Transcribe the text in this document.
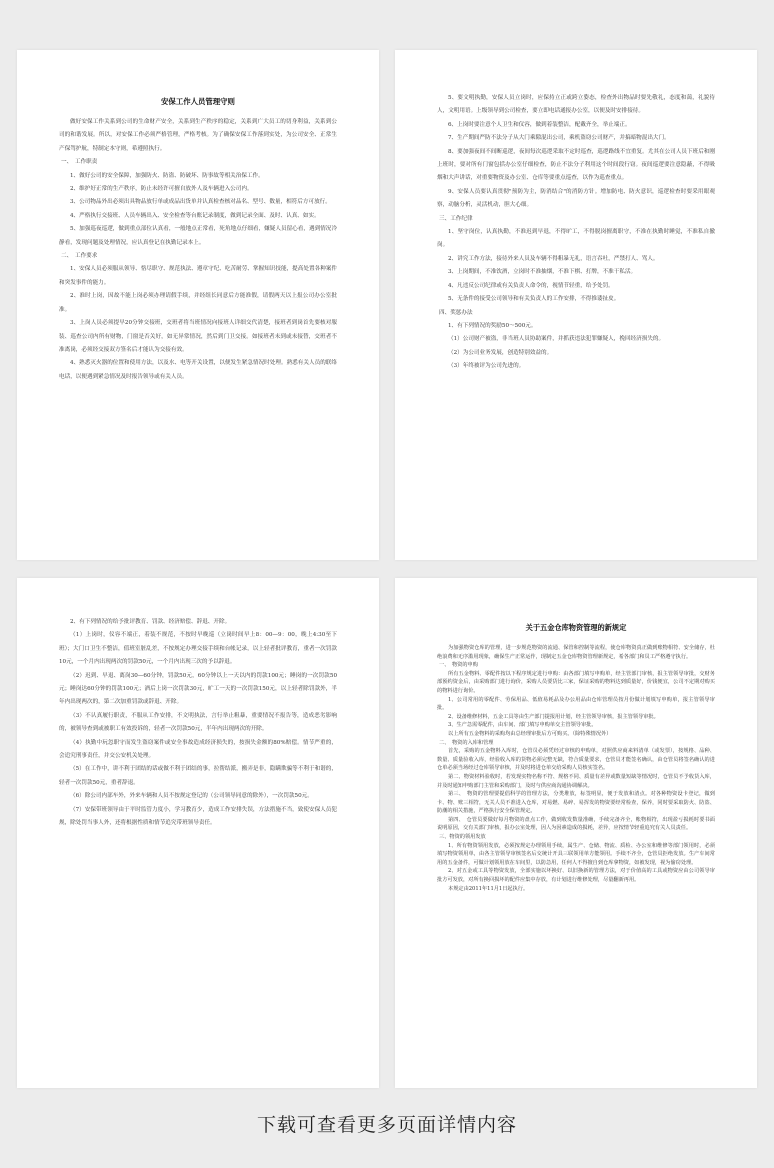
安保工作人员管理守则

做好安保工作关系到公司的生命财产安全，关系到生产秩序的稳定，关系到广大员工的切身利益，关系到公司的和谐发展。所以，对安保工作必须严格管理，严格考核。为了确保安保工作落到实处，为公司安全、正常生产保驾护航，特制定本守则，希遵照执行。

一、　工作职责

1、做好公司的安全保障，加强防火、防盗、防破坏、防事故等相关治保工作。

2、维护好正常的生产秩序，防止未经许可擅自放外人及车辆进入公司内。

3、公司物品外出必须出具物品放行单或成品出货单并认真检查核对品名、型号、数量，相符后方可放行。

4、严格执行交接班、人员车辆出入、安全检查等台账记录制度，做到记录全面、及时、认真、如实。

5、加强巡夜巡逻，做到重点部位认真看，一般地点正常看，死角地点仔细看，嫌疑人员留心看，遇到情况冷静看，发现问题及处理情况，应认真登记在执勤记录本上。

二、　工作要求

1、安保人员必须服从领导、恪尽职守、规范执法、遵章守纪、吃苦耐劳、掌握知识技能，提高处置各种案件和突发事件的能力。

2、准时上岗，因故不能上岗必须办理请假手续，并经组长同意后方能准假，请假两天以上报公司办公室批准。

3、上岗人员必须提早20分钟交接班，交班者将当班情况向接班人详细交代清楚，接班者到岗首先要核对服装、巡查公司内所有财物，门窗是否关好，如无异常情况，然后到门卫交接。如接班者未到或未接替，交班者不准离岗，必须经交接双方签名后才能认为交接有效。

4、熟悉灭火器的位置和使用方法，以及水、电等开关设置，以便发生紧急情况时处理。熟悉有关人员的联络电话，以便遇到紧急情况及时报告领导或有关人员。

5、要文明执勤，安保人员立岗时，应保持立正或跨立姿态，检查外出物品时要先敬礼，态度和蔼，礼貌待人，文明用语。上级领导到公司检查，要立即电话通报办公室，以便及时安排接待。

6、上岗时要注意个人卫生和仪容，做到着装整洁，配戴齐全，举止端正。

7、生产期间严防不法分子从大门乘隙混出公司，乘机盗窃公司财产，并搞暗物混出大门。

8、要加强夜间不间断巡逻，夜间每次巡逻采取不定时巡查，巡逻路线不宜重复。尤其在公司人员下班后和刚上班时，要对所有门窗包括办公室仔细检查，防止不法分子利用这个时间段行窃。夜间巡逻要注意隐蔽，不得吸烟和大声讲话，对重要物资及办公室、仓库等要重点巡查，以作为巡查重点。

9、安保人员要认真贯彻"预防为主，防消结合"的消防方针。增加防电、防火意识，巡逻检查时要采用眼观察，动脑分析，灵活机动，胆大心细。

三、工作纪律

1、坚守岗位，认真执勤，不准迟到早退，不得旷工，不得脱岗擅离职守，不准在执勤时睡觉，不准私自撤岗。

2、讲究工作方法，接待外来人员及车辆不得粗暴无礼，语言吞吐，严禁打人、骂人。

3、上岗期间，不准饮酒，立岗时不准抽烟，不准下棋、打牌，不准干私活。

4、凡违反公司纪律或有关负责人命令的，视情节轻重，给予处罚。

5、无条件的接受公司领导和有关负责人的工作安排，不得推诿扯皮。

四、奖惩办法

1、有下列情况的奖励50～500元。

（1）公司财产被盗，非当班人员协助案件，并抓获违法犯罪嫌疑人，挽回经济损失的。

（2）为公司业务发展，创造特别效益的。

（3）年终被评为公司先进的。

2、有下列情况的给予批评教育、罚款、经济赔偿、辞退、开除。

（1）上岗时，仪容不端正，着装不规范，不按时早晚巡（立岗时间早上8：00—9：00，晚上4:30至下班）；大门口卫生不整洁，值班室脏乱差，不按规定办理交接手续和台帐记录，以上轻者批评教育，重者一次罚款10元，一个月内出现两次的罚款50元，一个月内出现三次的予以辞退。

（2）迟到、早退、离岗30—60分钟，罚款50元，60分钟以上一天以内的罚款100元；睡岗的一次罚款50元；睡岗达60分钟的罚款100元；酒后上岗一次罚款30元，旷工一天的一次罚款150元，以上轻者除罚款外，半年内出现两次的，第二次加重罚款或辞退、开除。

（3）不认真履行职责，不服从工作安排，不文明执法，言行举止粗暴，重要情况不报告等，造成恶劣影响的，被领导查到或被职工有效投诉的，轻者一次罚款50元，半年内出现两次的开除。

（4）执勤中玩忽职守而发生盗窃案件或安全事故造成经济损失的，按损失金额的80%赔偿。情节严重的，会追究刑事责任，并交公安机关处理。

（5）在工作中，讲不利于团结的话或做不利于团结的事，拉帮结派，搬弄是非，隐瞒欺骗等不利于和谐的，轻者一次罚款50元，重者辞退。

（6）除公司内部车外，外来车辆和人员不按规定登记的（公司领导同意的除外），一次罚款50元。

（7）安保带班领导由于平时监管力度小，学习教育少，造成工作安排失误，方法措施不当，致使安保人员犯规，除处罚当事人外，还将根据性质和情节追究带班领导责任。

关于五金仓库物资管理的新规定

为加强物资仓库的管理，进一步规范物资的流通、保管和控制等流程，使仓库物资真正做到账物相符、安全储存，杜绝浪费和无序滥用现象，确保生产正常运作，现制定五金仓库物资管理新规定，希各部门和员工严格遵守执行。

一、　物资的申购

所有五金物料、零配件按以下程序规定进行申购：由各部门填写申购单，经主管部门审核，报主管领导审批，交财务部预约资金后，由采购部门进行询价，采购人员要货比三家，保证采购的物料达到质量好，价钱便宜，公司不定期对购买的物料进行询价。

1、公司常用的零配件、劳保用品、低值易耗品及办公用品由仓库管理员按月份做计划填写申购单，报主管领导审批。

2、设备维修材料，五金工具等由生产部门提报用计划，经主管领导审核，报主管领导审批。

3、生产急需零配件，由车间、部门填写申购单交主管领导审批。

以上所有五金物料的采购均由总经理审批后方可购买。（除特殊情况外）

二、　物资的入库和管理

首先，采购的五金物料入库时，仓管员必须凭经过审核的申购单，对照供应商来料清单（或发票），按规格、品种、数量、质量验收入库，经验收入库的货物必须完整无缺，符合质量要求，仓管员才能签名确认，由仓管员将签名确认的进仓单必须当场经过仓库领导审核，并及时将进仓单交给采购人员核实签名。

第二、物资材料验收时，若发现实物名称不符、规格不同、质量有差异或数量短缺等情况时，仓管员不予收货入库，并及时通知申购部门主管和采购部门，及时与供应商沟通协调解决。

第三、　物资的管理要提倡科学的管理方法，分类堆放，标签明显，便于发放和清点。对各种物资设卡登记，做到卡、物、账三相符，无关人员不准进入仓库，对易燃、易碎、易挥发的物资要经常检查，保养，同时要采取防火、防盗、防潮的相关措施，严格执行安全保管规定。

第四、　仓管员要做好每月物资的盘点工作，做到收发数量准确，手续完备齐全，帐物相符，出现盈亏损耗时要书面说明原因，交有关部门审核，报办公室处理，因人为因素造成的损耗，差异，应按情节轻重追究有关人员责任。

三、物资的领用发放

1、所有物资领用发放，必须按规定办理领用手续，属生产、仓储、物流、质检、办公室和维修等部门领用时，必须填写物资领用单，由各主管领导审核签名后交统计开具三联领用单方能领用。手续不齐全，仓管员拒绝发放。生产车间常用的五金备件，可做计划领用放在车间里，以防急用，任何人不得擅自到仓库拿物资，如被发现，视为偷窃处理。

2、对五金或工具等物资发放，全部实施以坏换好、以旧换新的管理方法，对于价值高的工具或物资应由公司领导审批方可发放，对所有换回损坏的配件应集中存放，有计划进行维修处理，尽量翻新再用。

本规定由2011年11月1日起执行。

下载可查看更多页面详情内容
